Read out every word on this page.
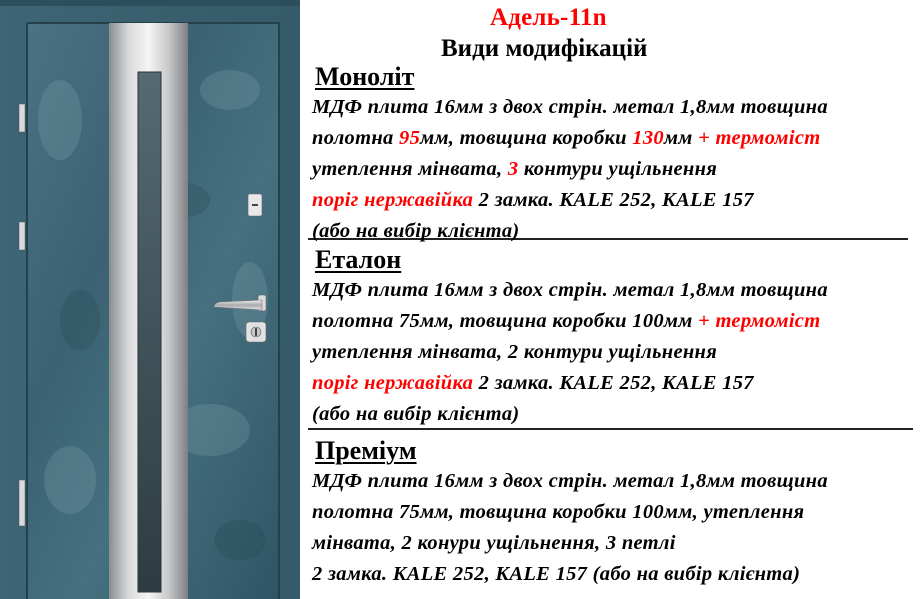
Адель-11n
Види модифікацій
Моноліт
МДФ плита 16мм з двох стрін. метал 1,8мм товщина
полотна 95мм, товщина коробки 130мм + термоміст
утеплення мінвата, 3 контури ущільнення
поріг нержавійка 2 замка. KALE 252, KALE 157
(або на вибір клієнта)
Еталон
МДФ плита 16мм з двох стрін. метал 1,8мм товщина
полотна 75мм, товщина коробки 100мм + термоміст
утеплення мінвата, 2 контури ущільнення
поріг нержавійка 2 замка. KALE 252, KALE 157
(або на вибір клієнта)
Преміум
МДФ плита 16мм з двох стрін. метал 1,8мм товщина
полотна 75мм, товщина коробки 100мм, утеплення
мінвата, 2 конури ущільнення, 3 петлі
2 замка. KALE 252, KALE 157 (або на вибір клієнта)
